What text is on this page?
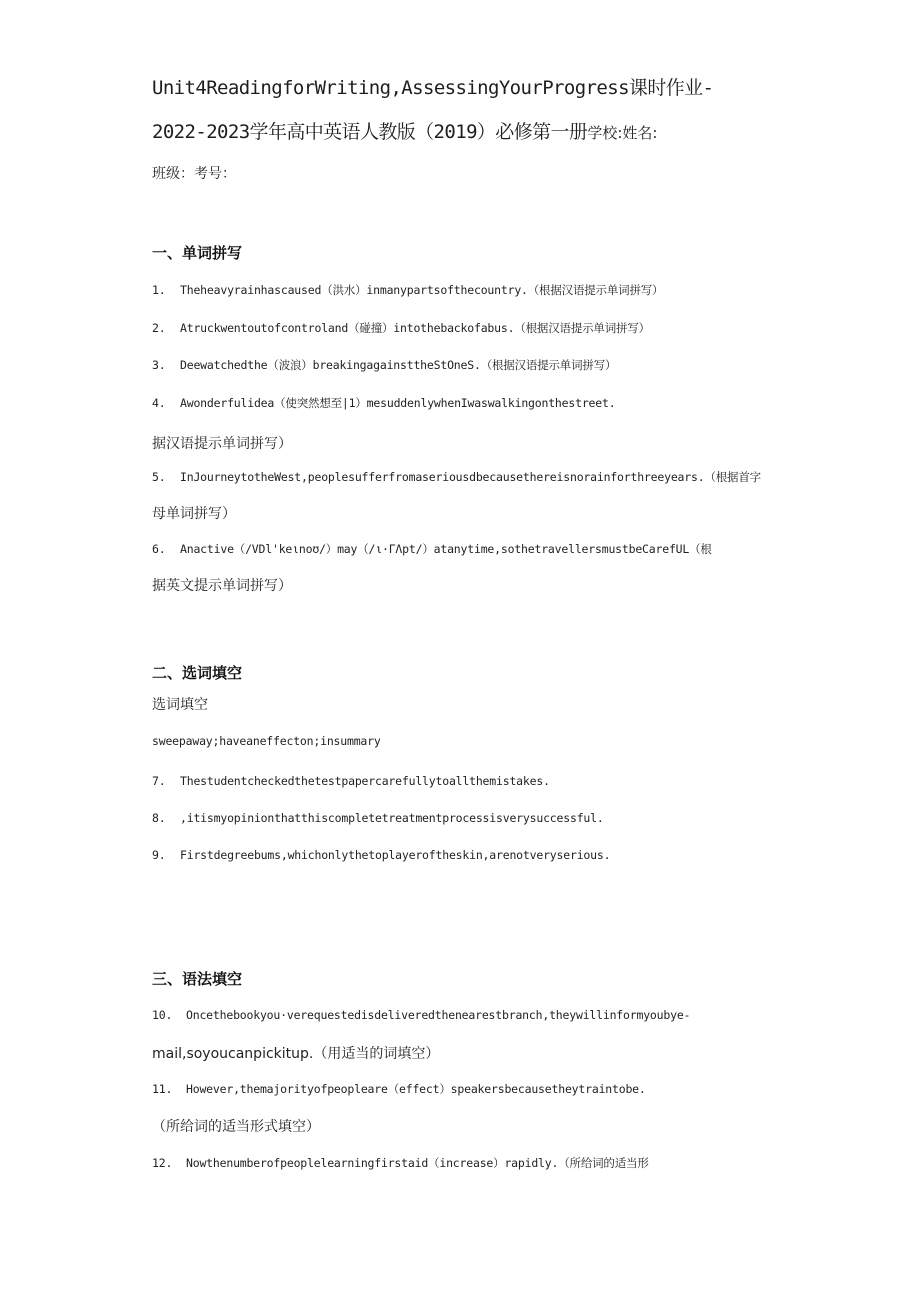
Unit4ReadingforWriting,AssessingYourProgress课时作业-
2022-2023学年高中英语人教版（2019）必修第一册学校:姓名:
班级：考号：
一、单词拼写
1. Theheavyrainhascaused（洪水）inmanypartsofthecountry.（根据汉语提示单词拼写）
2. Atruckwentoutofcontroland（碰撞）intothebackofabus.（根据汉语提示单词拼写）
3. Deewatchedthe（波浪）breakingagainsttheStOneS.（根据汉语提示单词拼写）
4. Awonderfulidea（使突然想至|1）mesuddenlywhenIwaswalkingonthestreet.
据汉语提示单词拼写）
5. InJourneytotheWest,peoplesufferfromaseriousdbecausethereisnorainforthreeyears.（根据首字
母单词拼写）
6. Anactive（/VDl'keιnoʊ/）may（/ι·ΓΛpt/）atanytime,sothetravellersmustbeCarefUL（根
据英文提示单词拼写）
二、选词填空
选词填空
sweepaway;haveaneffecton;insummary
7. Thestudentcheckedthetestpapercarefullytoallthemistakes.
8. ,itismyopinionthatthiscompletetreatmentprocessisverysuccessful.
9. Firstdegreebums,whichonlythetoplayeroftheskin,arenotveryserious.
三、语法填空
10. Oncethebookyou·verequestedisdeliveredthenearestbranch,theywillinformyoubye-
mail,soyoucanpickitup.（用适当的词填空）
11. However,themajorityofpeopleare（effect）speakersbecausetheytraintobe.
（所给词的适当形式填空）
12. Nowthenumberofpeoplelearningfirstaid（increase）rapidly.（所给词的适当形
